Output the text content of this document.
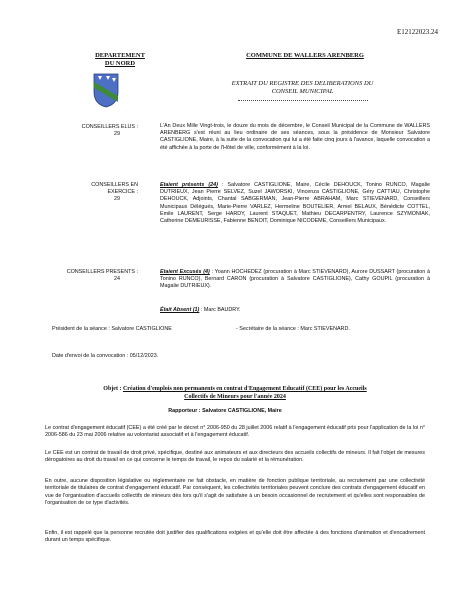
E12122023.24
DEPARTEMENT
DU NORD
COMMUNE DE WALLERS ARENBERG
EXTRAIT DU REGISTRE DES DELIBERATIONS DU
CONSEIL MUNICIPAL
CONSEILLERS ELUS :
29
L'An Deux Mille Vingt-trois, le douze du mois de décembre, le Conseil Municipal de la Commune de WALLERS ARENBERG s'est réuni au lieu ordinaire de ses séances, sous la présidence de Monsieur Salvatore CASTIGLIONE, Maire, à la suite de la convocation qui lui a été faite cinq jours à l'avance, laquelle convocation a été affichée à la porte de l'Hôtel de ville, conformément à la loi.
CONSEILLERS EN EXERCICE :
29
Etaient présents (24) : Salvatore CASTIGLIONE, Maire, Cécile DEHOUCK, Tonino RUNCO, Magalie DUTRIEUX, Jean Pierre SELVEZ, Suzel JAWORSKI, Vincenza CASTIGLIONE, Géry CATTIAU, Christophe DEHOUCK, Adjoints, Chantal SABGERMAN, Jean-Pierre ABRAHAM, Marc STIEVENARD, Conseillers Municipaux Délégués, Marie-Pierre VARLEZ, Hermeline BOUTELIER, Armel BELAUX, Bénédicte COTTEL, Emile LAURENT, Serge HARDY, Laurent STAQUET, Mathieu DECARPENTRY, Laurence SZYMONIAK, Catherine DEMEURISSE, Fabienne BENOIT, Dominique NICODEME, Conseillers Municipaux.
CONSEILLERS PRESENTS :
24
Etaient Excusés (4) : Yoann HOCHEDEZ (procuration à Marc STIEVENARD), Aurore DUSSART (procuration à Tonino RUNCO), Bernard CARON (procuration à Salvatore CASTIGLIONE), Cathy GOUPIL (procuration à Magalie DUTRIEUX).
Était Absent (1) : Marc BAUDRY.
Président de la séance : Salvatore CASTIGLIONE	- Secrétaire de la séance : Marc STIEVENARD.
Date d'envoi de la convocation : 05/12/2023.
Objet : Création d'emplois non permanents en contrat d'Engagement Educatif (CEE) pour les Accueils
Collectifs de Mineurs pour l'année 2024
Rapporteur : Salvatore CASTIGLIONE, Maire
Le contrat d'engagement éducatif (CEE) a été créé par le décret n° 2006-950 du 28 juillet 2006 relatif à l'engagement éducatif pris pour l'application de la loi n° 2006-586 du 23 mai 2006 relative au volontariat associatif et à l'engagement éducatif.
Le CEE est un contrat de travail de droit privé, spécifique, destiné aux animateurs et aux directeurs des accueils collectifs de mineurs. Il fait l'objet de mesures dérogatoires au droit du travail en ce qui concerne le temps de travail, le repos du salarié et la rémunération.
En outre, aucune disposition législative ou réglementaire ne fait obstacle, en matière de fonction publique territoriale, au recrutement par une collectivité territoriale de titulaires de contrat d'engagement éducatif. Par conséquent, les collectivités territoriales peuvent conclure des contrats d'engagement éducatif en vue de l'organisation d'accueils collectifs de mineurs dès lors qu'il s'agit de satisfaire à un besoin occasionnel de recrutement et qu'elles sont responsables de l'organisation de ce type d'activités.
Enfin, il est rappelé que la personne recrutée doit justifier des qualifications exigées et qu'elle doit être affectée à des fonctions d'animation et d'encadrement durant un temps spécifique.
